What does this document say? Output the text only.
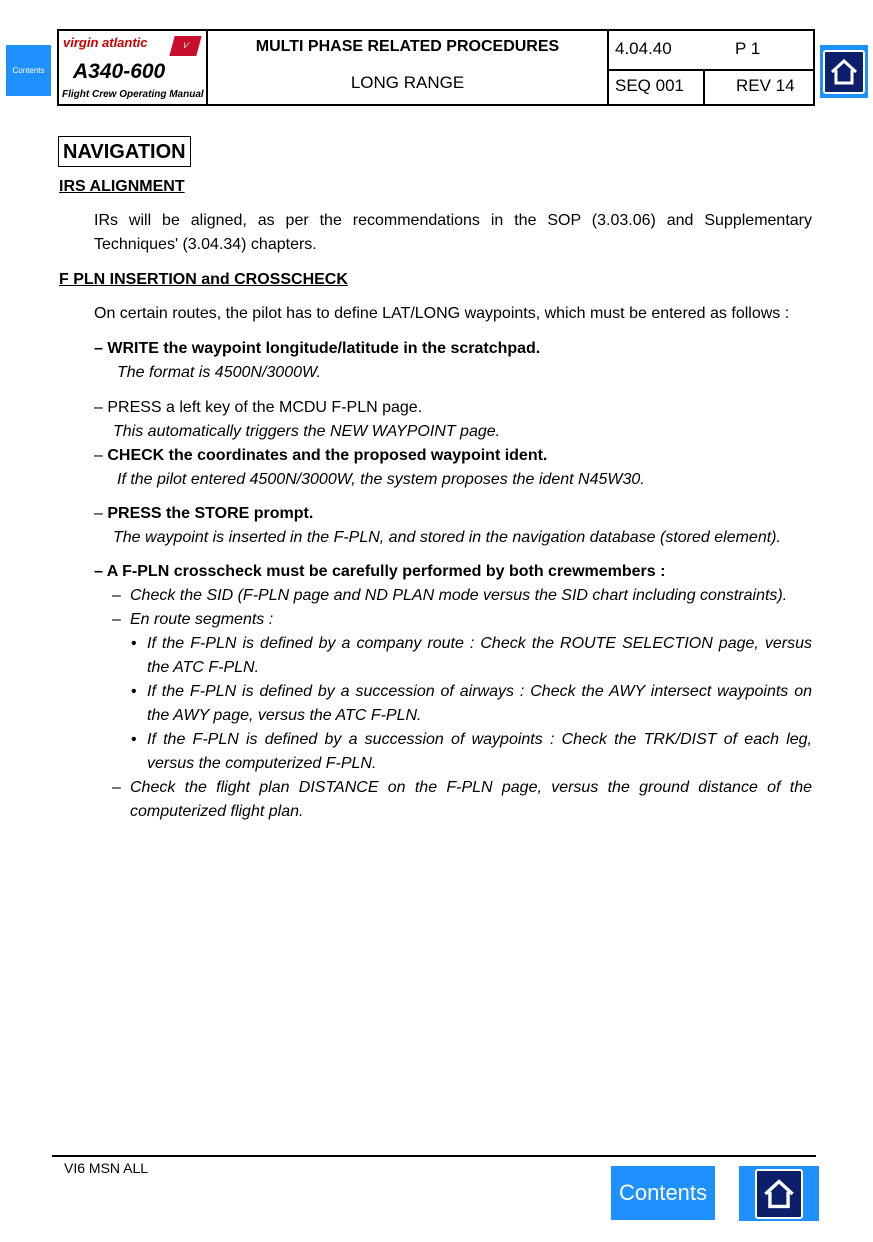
Contents
virgin atlantic	V
A340-600
Flight Crew Operating Manual

MULTI PHASE RELATED PROCEDURES
LONG RANGE

4.04.40	P 1
SEQ 001	REV 14
NAVIGATION
IRS ALIGNMENT
IRs will be aligned, as per the recommendations in the SOP (3.03.06) and Supplementary Techniques' (3.04.34) chapters.
F PLN INSERTION and CROSSCHECK
On certain routes, the pilot has to define LAT/LONG waypoints, which must be entered as follows :
– WRITE the waypoint longitude/latitude in the scratchpad.
The format is 4500N/3000W.
– PRESS a left key of the MCDU F-PLN page.
This automatically triggers the NEW WAYPOINT page.
– CHECK the coordinates and the proposed waypoint ident.
If the pilot entered 4500N/3000W, the system proposes the ident N45W30.
– PRESS the STORE prompt.
The waypoint is inserted in the F-PLN, and stored in the navigation database (stored element).
– A F-PLN crosscheck must be carefully performed by both crewmembers :
– Check the SID (F-PLN page and ND PLAN mode versus the SID chart including constraints).
– En route segments :
• If the F-PLN is defined by a company route : Check the ROUTE SELECTION page, versus the ATC F-PLN.
• If the F-PLN is defined by a succession of airways : Check the AWY intersect waypoints on the AWY page, versus the ATC F-PLN.
• If the F-PLN is defined by a succession of waypoints : Check the TRK/DIST of each leg, versus the computerized F-PLN.
– Check the flight plan DISTANCE on the F-PLN page, versus the ground distance of the computerized flight plan.
VI6 MSN ALL
Contents
